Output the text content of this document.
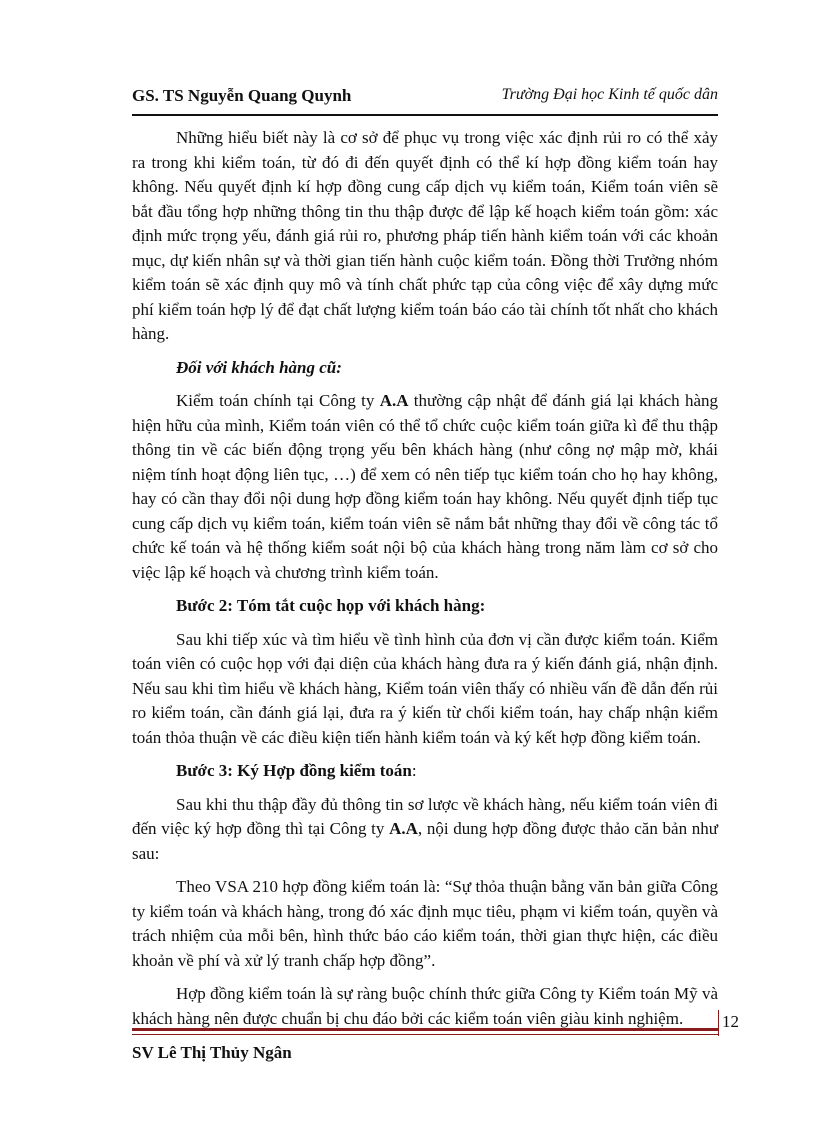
GS. TS Nguyễn Quang Quynh	Trường Đại học Kinh tế quốc dân

Những hiểu biết này là cơ sở để phục vụ trong việc xác định rủi ro có thể xảy ra trong khi kiểm toán, từ đó đi đến quyết định có thể kí hợp đồng kiểm toán hay không. Nếu quyết định kí hợp đồng cung cấp dịch vụ kiểm toán, Kiểm toán viên sẽ bắt đầu tổng hợp những thông tin thu thập được để lập kế hoạch kiểm toán gồm: xác định mức trọng yếu, đánh giá rủi ro, phương pháp tiến hành kiểm toán với các khoản mục, dự kiến nhân sự và thời gian tiến hành cuộc kiểm toán. Đồng thời Trưởng nhóm kiểm toán sẽ xác định quy mô và tính chất phức tạp của công việc để xây dựng mức phí kiểm toán hợp lý để đạt chất lượng kiểm toán báo cáo tài chính tốt nhất cho khách hàng.

Đối với khách hàng cũ:

Kiểm toán chính tại Công ty A.A thường cập nhật để đánh giá lại khách hàng hiện hữu của mình, Kiểm toán viên có thể tổ chức cuộc kiểm toán giữa kì để thu thập thông tin về các biến động trọng yếu bên khách hàng (như công nợ mập mờ, khái niệm tính hoạt động liên tục, …) để xem có nên tiếp tục kiểm toán cho họ hay không, hay có cần thay đổi nội dung hợp đồng kiểm toán hay không. Nếu quyết định tiếp tục cung cấp dịch vụ kiểm toán, kiểm toán viên sẽ nắm bắt những thay đổi về công tác tổ chức kế toán và hệ thống kiểm soát nội bộ của khách hàng trong năm làm cơ sở cho việc lập kế hoạch và chương trình kiểm toán.

Bước 2: Tóm tắt cuộc họp với khách hàng:

Sau khi tiếp xúc và tìm hiểu về tình hình của đơn vị cần được kiểm toán. Kiểm toán viên có cuộc họp với đại diện của khách hàng đưa ra ý kiến đánh giá, nhận định. Nếu sau khi tìm hiểu về khách hàng, Kiểm toán viên thấy có nhiều vấn đề dẫn đến rủi ro kiểm toán, cần đánh giá lại, đưa ra ý kiến từ chối kiểm toán, hay chấp nhận kiểm toán thỏa thuận về các điều kiện tiến hành kiểm toán và ký kết hợp đồng kiểm toán.

Bước 3: Ký Hợp đồng kiểm toán:

Sau khi thu thập đầy đủ thông tin sơ lược về khách hàng, nếu kiểm toán viên đi đến việc ký hợp đồng thì tại Công ty A.A, nội dung hợp đồng được thảo căn bản như sau:

Theo VSA 210 hợp đồng kiểm toán là: “Sự thỏa thuận bằng văn bản giữa Công ty kiểm toán và khách hàng, trong đó xác định mục tiêu, phạm vi kiểm toán, quyền và trách nhiệm của mỗi bên, hình thức báo cáo kiểm toán, thời gian thực hiện, các điều khoản về phí và xử lý tranh chấp hợp đồng”.

Hợp đồng kiểm toán là sự ràng buộc chính thức giữa Công ty Kiểm toán Mỹ và khách hàng nên được chuẩn bị chu đáo bởi các kiểm toán viên giàu kinh nghiệm.	12
SV Lê Thị Thủy Ngân
